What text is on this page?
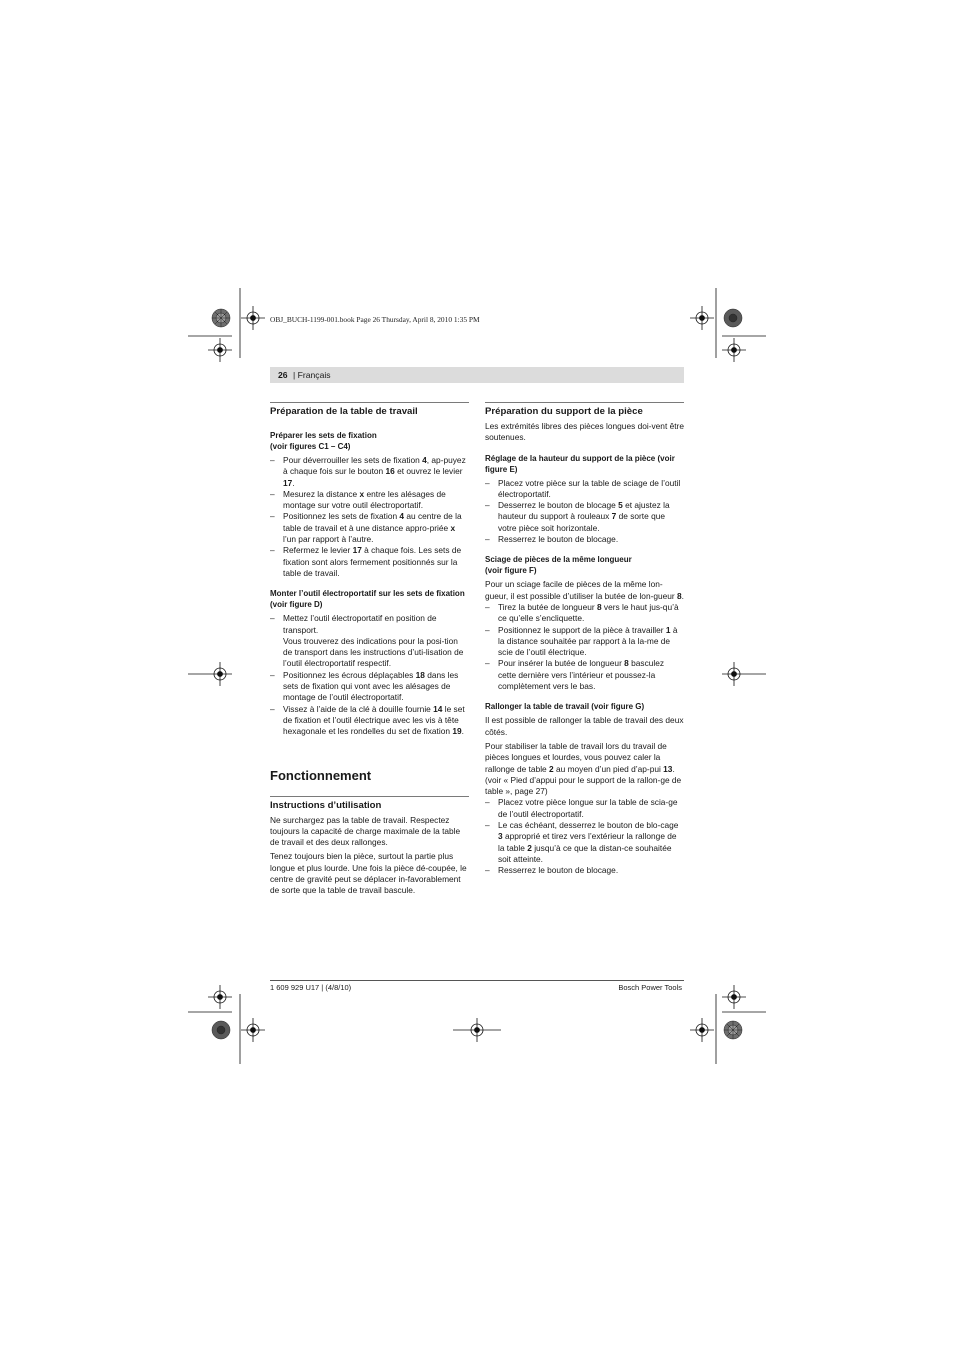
OBJ_BUCH-1199-001.book Page 26 Thursday, April 8, 2010 1:35 PM
26 | Français

Préparation de la table de travail

Préparer les sets de fixation

(voir figures C1 – C4)

– Pour déverrouiller les sets de fixation 4, ap-puyez à chaque fois sur le bouton 16 et ouvrez le levier 17.
– Mesurez la distance x entre les alésages de montage sur votre outil électroportatif.
– Positionnez les sets de fixation 4 au centre de la table de travail et à une distance appro-priée x l’un par rapport à l’autre.
– Refermez le levier 17 à chaque fois. Les sets de fixation sont alors fermement positionnés sur la table de travail.

Monter l’outil électroportatif sur les sets de fixation (voir figure D)

– Mettez l’outil électroportatif en position de transport.
Vous trouverez des indications pour la posi-tion de transport dans les instructions d’uti-lisation de l’outil électroportatif respectif.
– Positionnez les écrous déplaçables 18 dans les sets de fixation qui vont avec les alésages de montage de l’outil électroportatif.
– Vissez à l’aide de la clé à douille fournie 14 le set de fixation et l’outil électrique avec les vis à tête hexagonale et les rondelles du set de fixation 19.

Fonctionnement

Instructions d’utilisation

Ne surchargez pas la table de travail. Respectez toujours la capacité de charge maximale de la table de travail et des deux rallonges.

Tenez toujours bien la pièce, surtout la partie plus longue et plus lourde. Une fois la pièce dé-coupée, le centre de gravité peut se déplacer in-favorablement de sorte que la table de travail bascule.

Préparation du support de la pièce

Les extrémités libres des pièces longues doi-vent être soutenues.

Réglage de la hauteur du support de la pièce (voir figure E)

– Placez votre pièce sur la table de sciage de l’outil électroportatif.
– Desserrez le bouton de blocage 5 et ajustez la hauteur du support à rouleaux 7 de sorte que votre pièce soit horizontale.
– Resserrez le bouton de blocage.

Sciage de pièces de la même longueur

(voir figure F)

Pour un sciage facile de pièces de la même lon-gueur, il est possible d’utiliser la butée de lon-gueur 8.

– Tirez la butée de longueur 8 vers le haut jus-qu’à ce qu’elle s’encliquette.
– Positionnez le support de la pièce à travailler 1 à la distance souhaitée par rapport à la la-me de scie de l’outil électrique.
– Pour insérer la butée de longueur 8 basculez cette dernière vers l’intérieur et poussez-la complètement vers le bas.

Rallonger la table de travail (voir figure G)

Il est possible de rallonger la table de travail des deux côtés.

Pour stabiliser la table de travail lors du travail de pièces longues et lourdes, vous pouvez caler la rallonge de table 2 au moyen d’un pied d’ap-pui 13.

(voir « Pied d’appui pour le support de la rallon-ge de table », page 27)

– Placez votre pièce longue sur la table de scia-ge de l’outil électroportatif.
– Le cas échéant, desserrez le bouton de blo-cage 3 approprié et tirez vers l’extérieur la rallonge de la table 2 jusqu’à ce que la distan-ce souhaitée soit atteinte.
– Resserrez le bouton de blocage.
1 609 929 U17 | (4/8/10)	Bosch Power Tools
